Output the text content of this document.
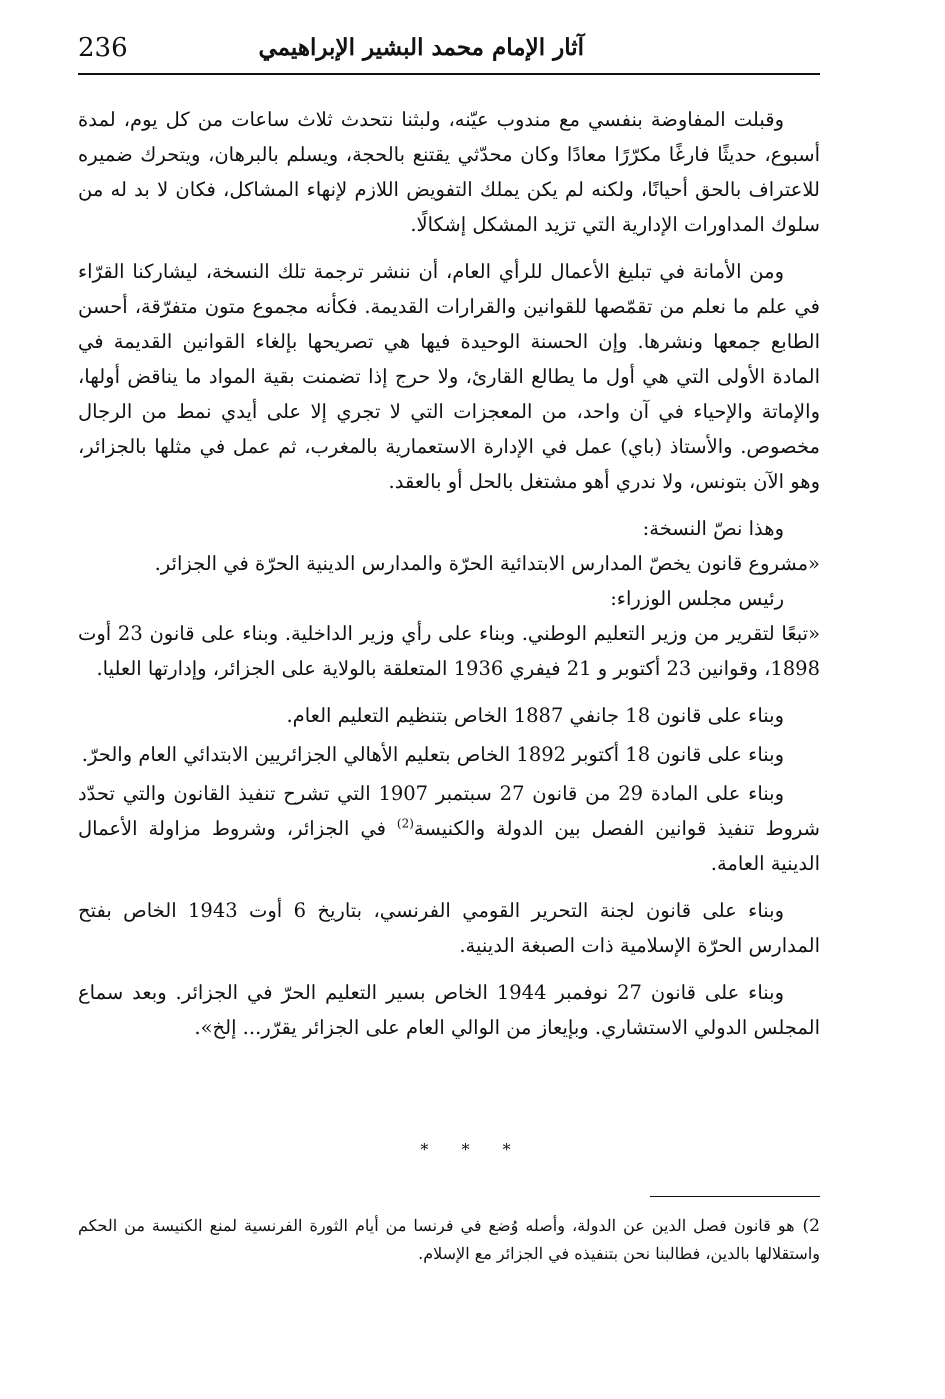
236	آثار الإمام محمد البشير الإبراهيمي

وقبلت المفاوضة بنفسي مع مندوب عيّنه، ولبثنا نتحدث ثلاث ساعات من كل يوم، لمدة أسبوع، حديثًا فارغًا مكرّرًا معادًا وكان محدّثي يقتنع بالحجة، ويسلم بالبرهان، ويتحرك ضميره للاعتراف بالحق أحيانًا، ولكنه لم يكن يملك التفويض اللازم لإنهاء المشاكل، فكان لا بد له من سلوك المداورات الإدارية التي تزيد المشكل إشكالًا.

ومن الأمانة في تبليغ الأعمال للرأي العام، أن ننشر ترجمة تلك النسخة، ليشاركنا القرّاء في علم ما نعلم من تقمّصها للقوانين والقرارات القديمة. فكأنه مجموع متون متفرّقة، أحسن الطابع جمعها ونشرها. وإن الحسنة الوحيدة فيها هي تصريحها بإلغاء القوانين القديمة في المادة الأولى التي هي أول ما يطالع القارئ، ولا حرج إذا تضمنت بقية المواد ما يناقض أولها، والإماتة والإحياء في آن واحد، من المعجزات التي لا تجري إلا على أيدي نمط من الرجال مخصوص. والأستاذ (باي) عمل في الإدارة الاستعمارية بالمغرب، ثم عمل في مثلها بالجزائر، وهو الآن بتونس، ولا ندري أهو مشتغل بالحل أو بالعقد.

وهذا نصّ النسخة:

«مشروع قانون يخصّ المدارس الابتدائية الحرّة والمدارس الدينية الحرّة في الجزائر.

رئيس مجلس الوزراء:

«تبعًا لتقرير من وزير التعليم الوطني. وبناء على رأي وزير الداخلية. وبناء على قانون 23 أوت 1898، وقوانين 23 أكتوبر و 21 فيفري 1936 المتعلقة بالولاية على الجزائر، وإدارتها العليا.

وبناء على قانون 18 جانفي 1887 الخاص بتنظيم التعليم العام.

وبناء على قانون 18 أكتوبر 1892 الخاص بتعليم الأهالي الجزائريين الابتدائي العام والحرّ.

وبناء على المادة 29 من قانون 27 سبتمبر 1907 التي تشرح تنفيذ القانون والتي تحدّد شروط تنفيذ قوانين الفصل بين الدولة والكنيسة$^{(2)}$ في الجزائر، وشروط مزاولة الأعمال الدينية العامة.

وبناء على قانون لجنة التحرير القومي الفرنسي، بتاريخ 6 أوت 1943 الخاص بفتح المدارس الحرّة الإسلامية ذات الصبغة الدينية.

وبناء على قانون 27 نوفمبر 1944 الخاص بسير التعليم الحرّ في الجزائر. وبعد سماع المجلس الدولي الاستشاري. وبإيعاز من الوالي العام على الجزائر يقرّر... إلخ».

* * *
2)هو قانون فصل الدين عن الدولة، وأصله وُضع في فرنسا من أيام الثورة الفرنسية لمنع الكنيسة من الحكم واستقلالها بالدين، فطالبنا نحن بتنفيذه في الجزائر مع الإسلام.
